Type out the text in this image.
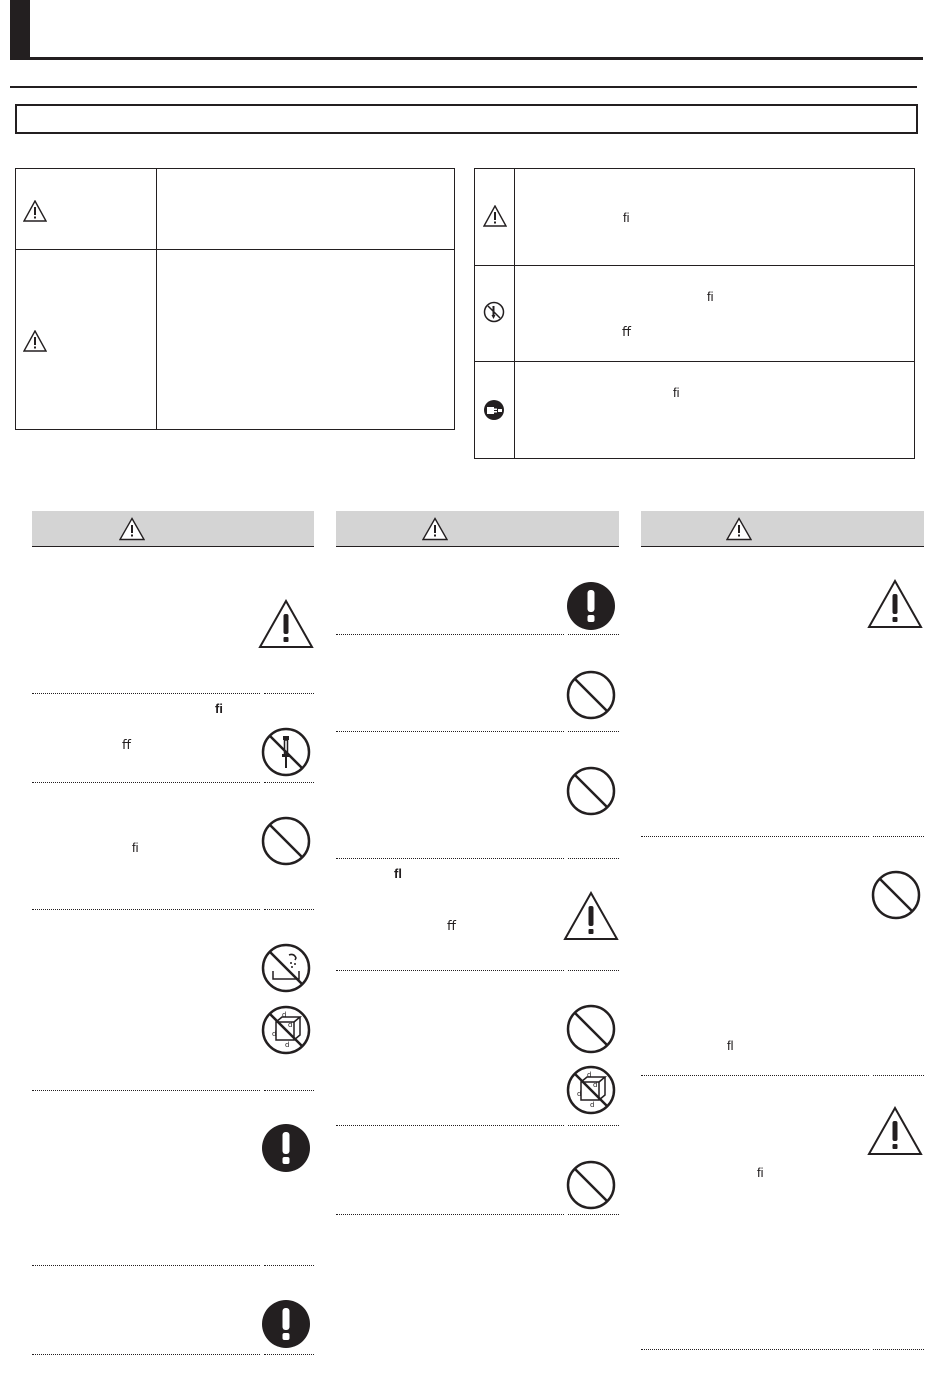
ﬁ
ﬁ
ﬀ
ﬁ
ﬁ
ﬀ
ﬁ
d
d
d
d
ﬂ
ﬀ
d
d
d
d
ﬂ
ﬁ
